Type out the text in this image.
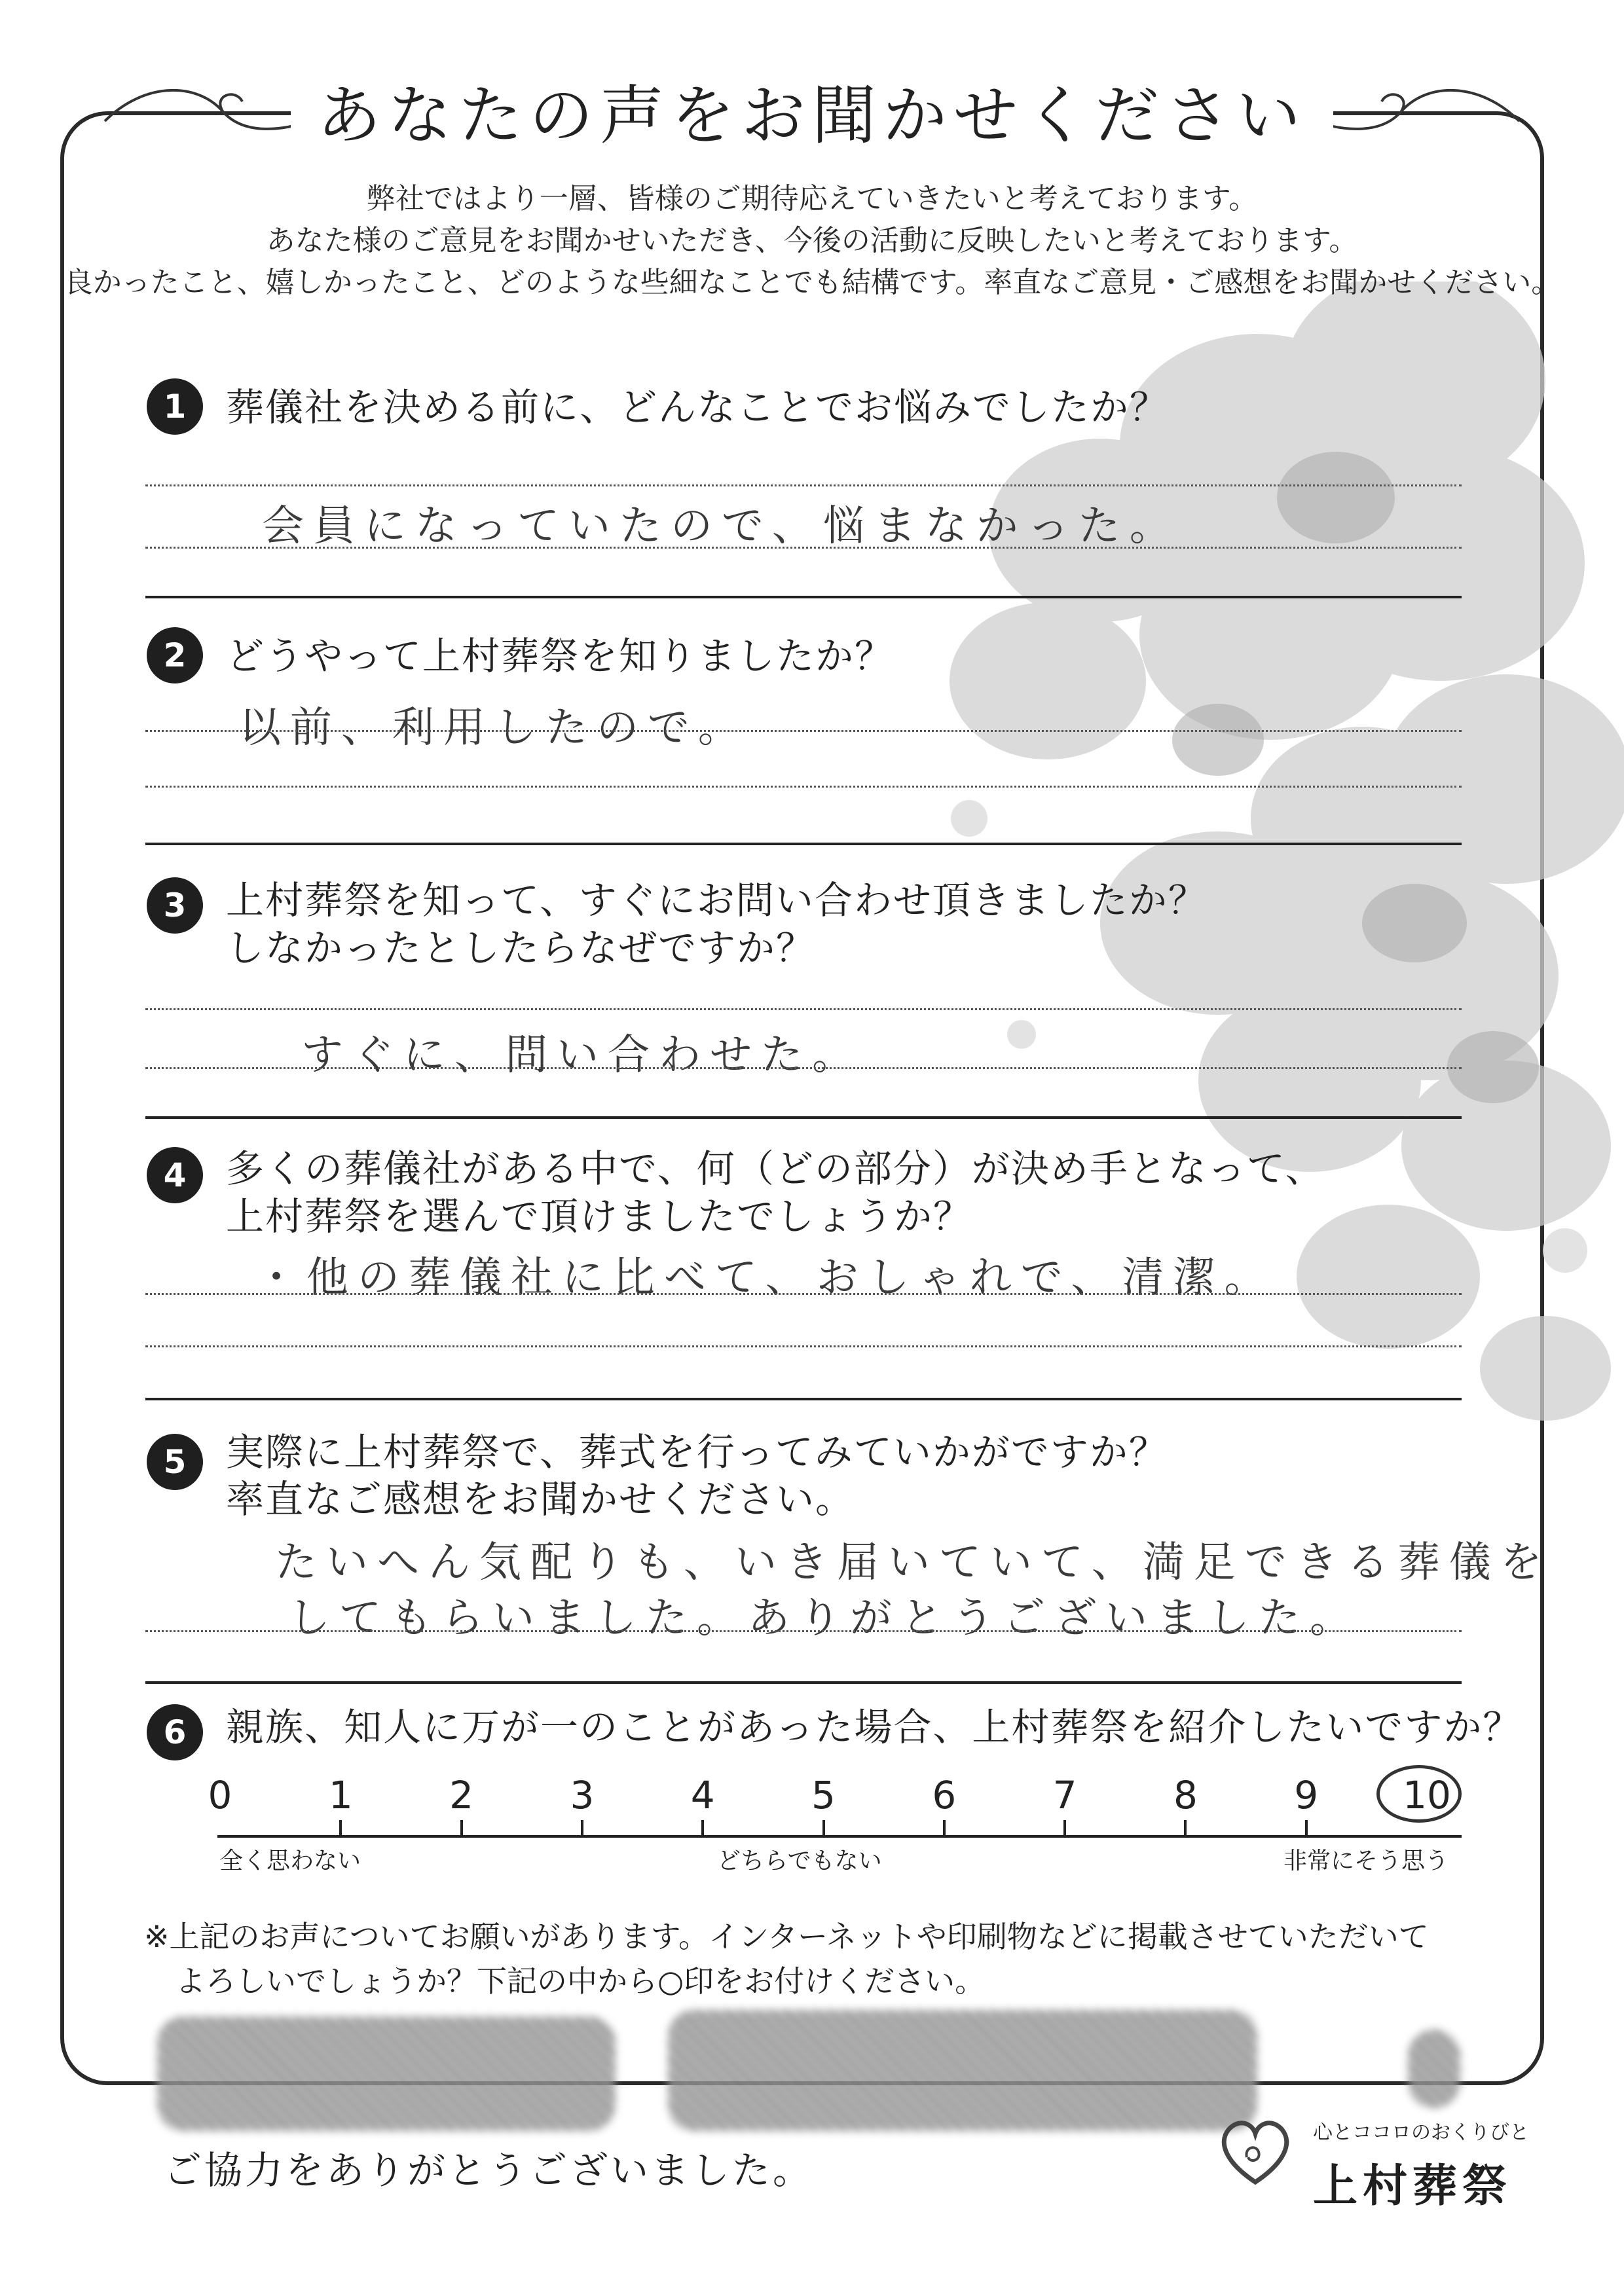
あなたの声をお聞かせください
弊社ではより一層、皆様のご期待応えていきたいと考えております。
あなた様のご意見をお聞かせいただき、今後の活動に反映したいと考えております。
良かったこと、嬉しかったこと、どのような些細なことでも結構です。率直なご意見・ご感想をお聞かせください。
1	葬儀社を決める前に、どんなことでお悩みでしたか？
会員になっていたので、悩まなかった。
2	どうやって上村葬祭を知りましたか？
以前、利用したので。
3	上村葬祭を知って、すぐにお問い合わせ頂きましたか？
しなかったとしたらなぜですか？
すぐに、問い合わせた。
4	多くの葬儀社がある中で、何（どの部分）が決め手となって、
上村葬祭を選んで頂けましたでしょうか？
・他の葬儀社に比べて、おしゃれで、清潔。
5	実際に上村葬祭で、葬式を行ってみていかがですか？
率直なご感想をお聞かせください。
たいへん気配りも、いき届いていて、満足できる葬儀を
してもらいました。ありがとうございました。
6	親族、知人に万が一のことがあった場合、上村葬祭を紹介したいですか？
0	1	2	3	4	5	6	7	8	9	10
全く思わない	どちらでもない	非常にそう思う
※上記のお声についてお願いがあります。インターネットや印刷物などに掲載させていただいて
よろしいでしょうか？下記の中から○印をお付けください。
ご協力をありがとうございました。
心とココロのおくりびと
上村葬祭
